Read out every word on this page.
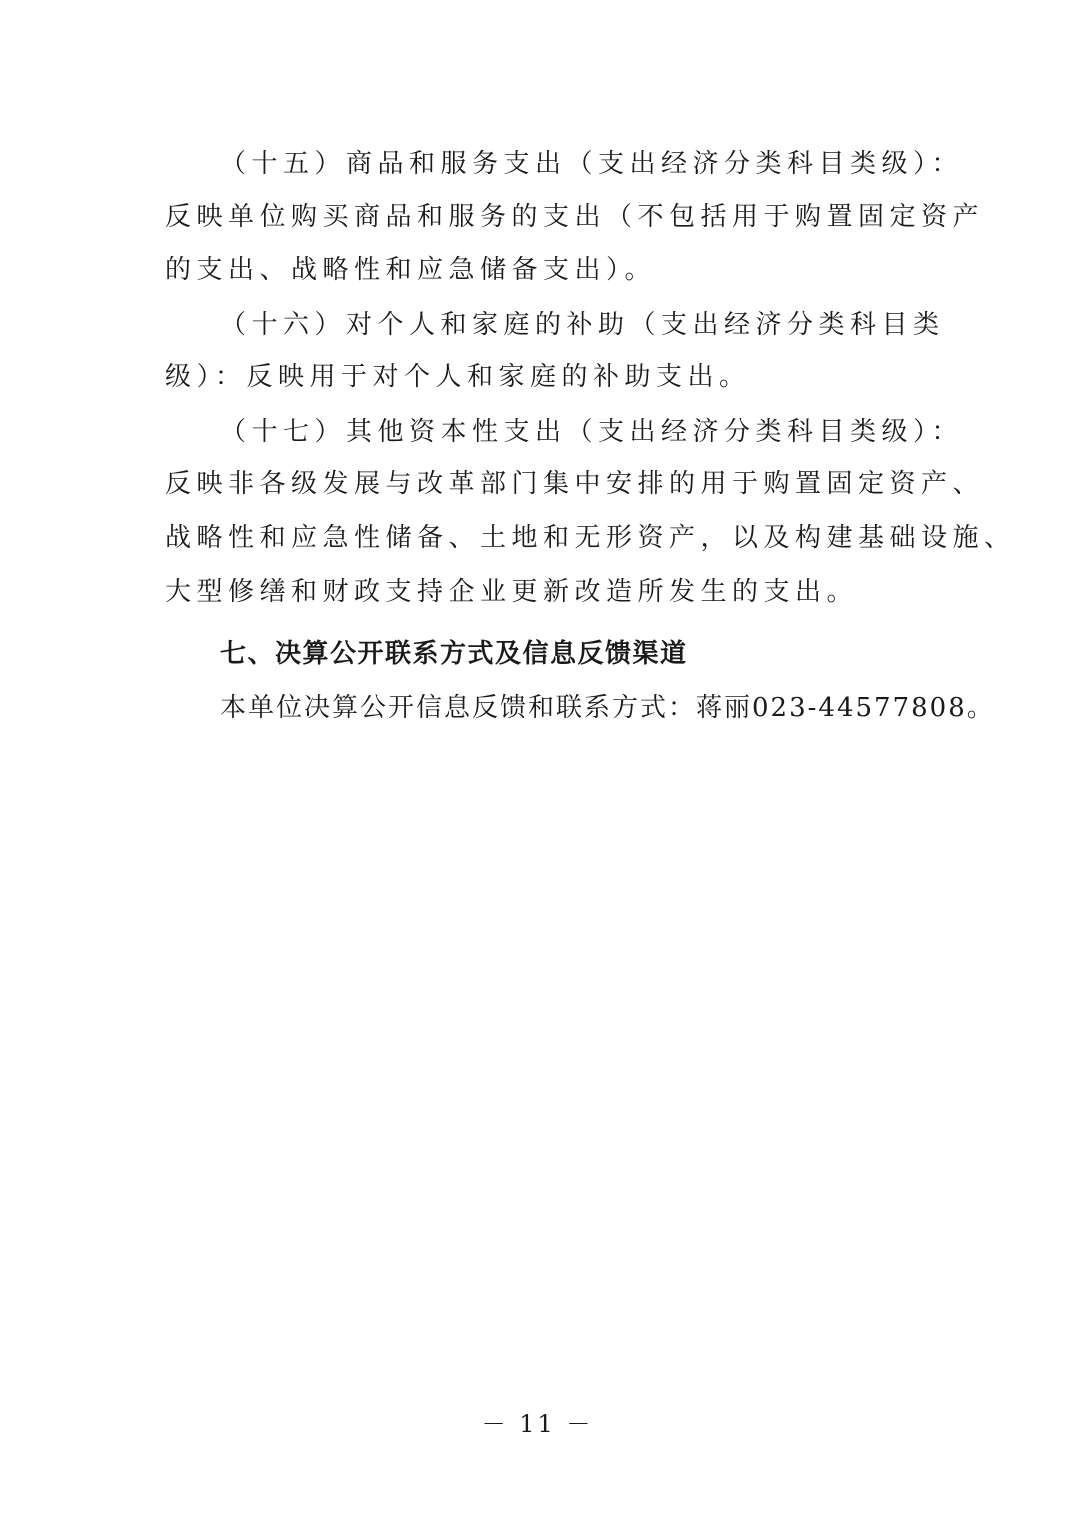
（十五）商品和服务支出（支出经济分类科目类级）：
反映单位购买商品和服务的支出（不包括用于购置固定资产
的支出、战略性和应急储备支出）。
（十六）对个人和家庭的补助（支出经济分类科目类
级）：反映用于对个人和家庭的补助支出。
（十七）其他资本性支出（支出经济分类科目类级）：
反映非各级发展与改革部门集中安排的用于购置固定资产、
战略性和应急性储备、土地和无形资产，以及构建基础设施、
大型修缮和财政支持企业更新改造所发生的支出。
七、决算公开联系方式及信息反馈渠道
本单位决算公开信息反馈和联系方式：蒋丽023-44577808。
－ 11 －
